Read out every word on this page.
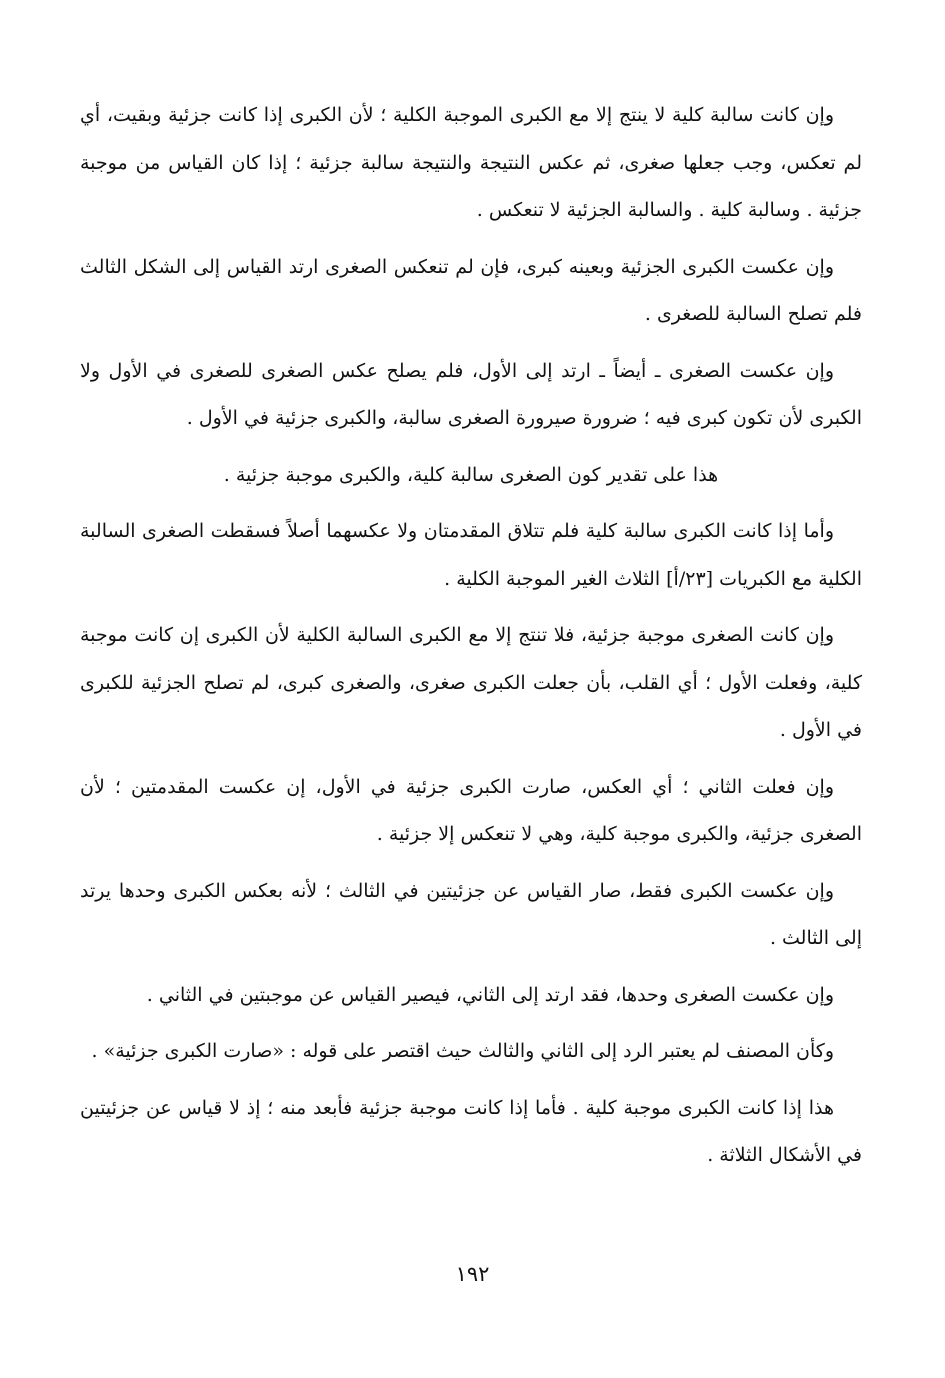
وإن كانت سالبة كلية لا ينتج إلا مع الكبرى الموجبة الكلية ؛ لأن الكبرى إذا كانت جزئية وبقيت، أي لم تعكس، وجب جعلها صغرى، ثم عكس النتيجة والنتيجة سالبة جزئية ؛ إذا كان القياس من موجبة جزئية . وسالبة كلية . والسالبة الجزئية لا تنعكس .

وإن عكست الكبرى الجزئية وبعينه كبرى، فإن لم تنعكس الصغرى ارتد القياس إلى الشكل الثالث فلم تصلح السالبة للصغرى .

وإن عكست الصغرى ـ أيضاً ـ ارتد إلى الأول، فلم يصلح عكس الصغرى للصغرى في الأول ولا الكبرى لأن تكون كبرى فيه ؛ ضرورة صيرورة الصغرى سالبة، والكبرى جزئية في الأول .

هذا على تقدير كون الصغرى سالبة كلية، والكبرى موجبة جزئية .

وأما إذا كانت الكبرى سالبة كلية فلم تتلاق المقدمتان ولا عكسهما أصلاً فسقطت الصغرى السالبة الكلية مع الكبريات [٢٣/أ] الثلاث الغير الموجبة الكلية .

وإن كانت الصغرى موجبة جزئية، فلا تنتج إلا مع الكبرى السالبة الكلية لأن الكبرى إن كانت موجبة كلية، وفعلت الأول ؛ أي القلب، بأن جعلت الكبرى صغرى، والصغرى كبرى، لم تصلح الجزئية للكبرى في الأول .

وإن فعلت الثاني ؛ أي العكس، صارت الكبرى جزئية في الأول، إن عكست المقدمتين ؛ لأن الصغرى جزئية، والكبرى موجبة كلية، وهي لا تنعكس إلا جزئية .

وإن عكست الكبرى فقط، صار القياس عن جزئيتين في الثالث ؛ لأنه بعكس الكبرى وحدها يرتد إلى الثالث .

وإن عكست الصغرى وحدها، فقد ارتد إلى الثاني، فيصير القياس عن موجبتين في الثاني .

وكأن المصنف لم يعتبر الرد إلى الثاني والثالث حيث اقتصر على قوله : «صارت الكبرى جزئية» .

هذا إذا كانت الكبرى موجبة كلية . فأما إذا كانت موجبة جزئية فأبعد منه ؛ إذ لا قياس عن جزئيتين في الأشكال الثلاثة .

١٩٢
